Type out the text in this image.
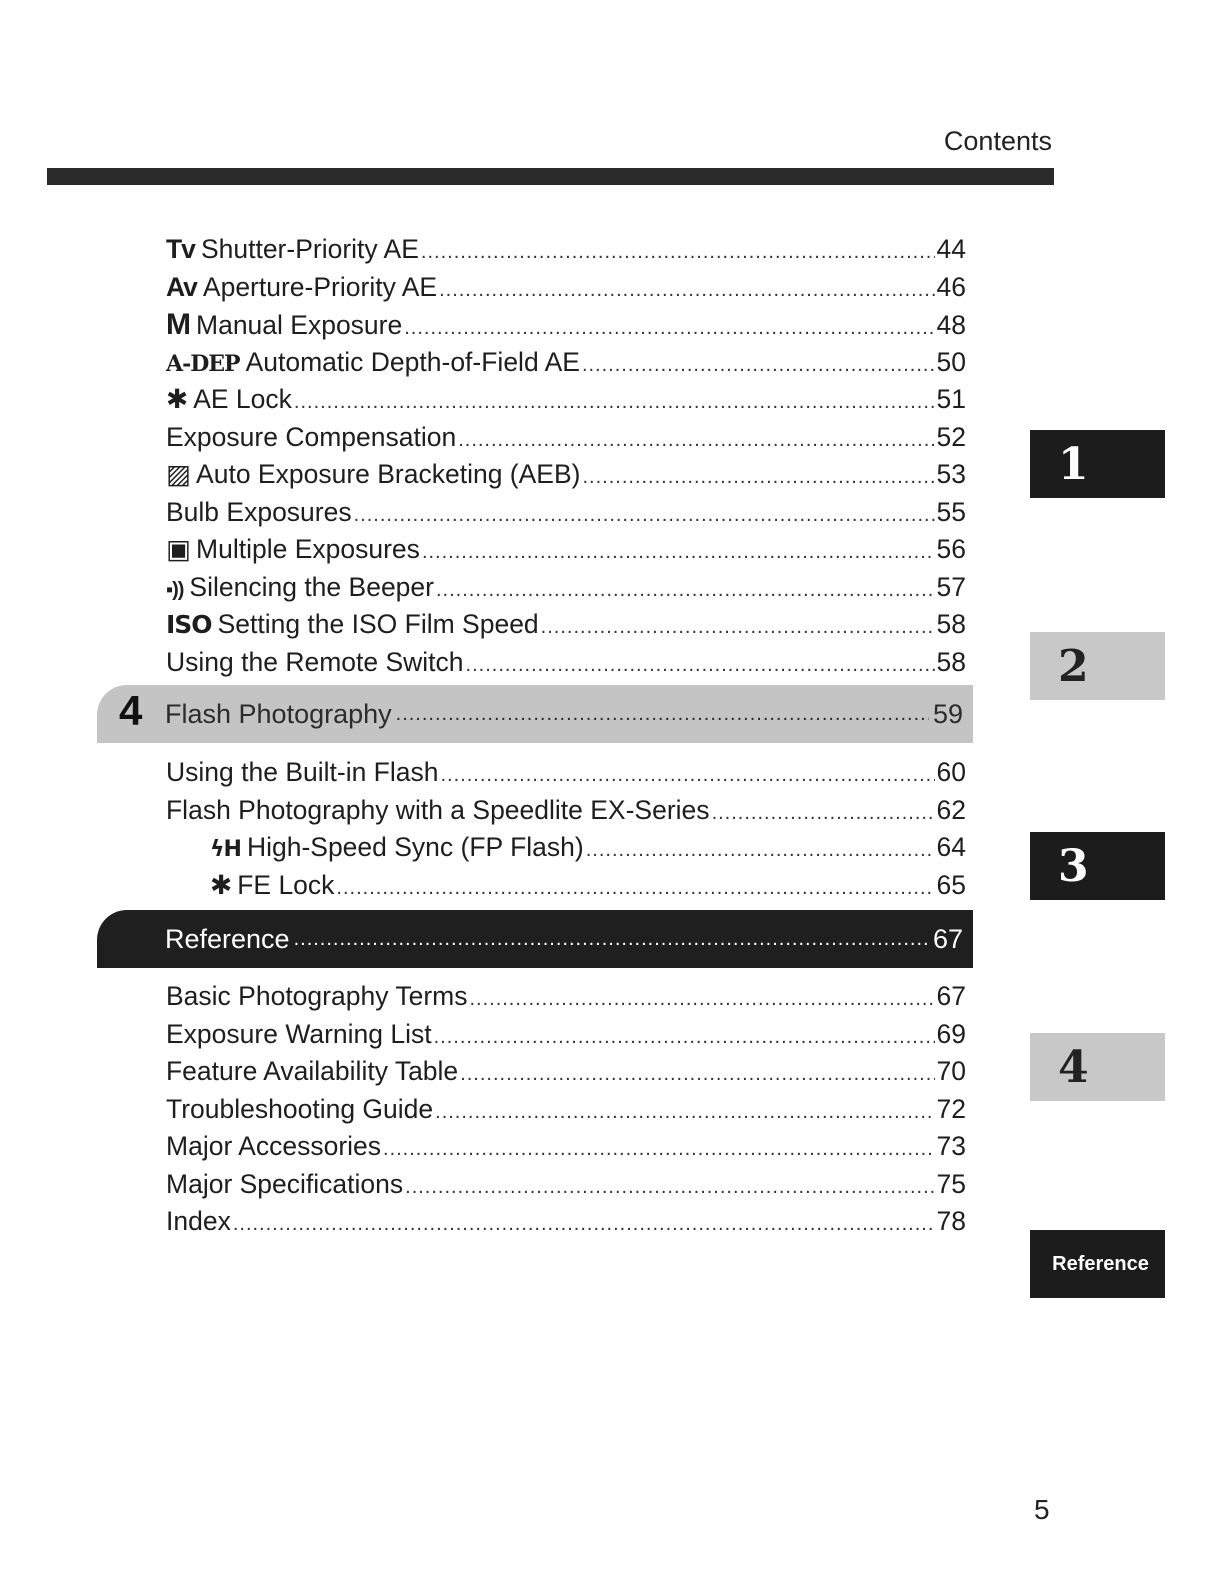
Contents
Tv Shutter-Priority AE .....	44
Av Aperture-Priority AE .....	46
M Manual Exposure .....	48
A-DEP Automatic Depth-of-Field AE .....	50
✱ AE Lock .....	51
Exposure Compensation .....	52
▨ Auto Exposure Bracketing (AEB) .....	53
Bulb Exposures .....	55
▣ Multiple Exposures .....	56
▪)) Silencing the Beeper .....	57
ISO Setting the ISO Film Speed .....	58
Using the Remote Switch .....	58
4 Flash Photography .....	59
Using the Built-in Flash .....	60
Flash Photography with a Speedlite EX-Series .....	62
ϟH High-Speed Sync (FP Flash) .....	64
✱ FE Lock .....	65
Reference .....	67
Basic Photography Terms .....	67
Exposure Warning List .....	69
Feature Availability Table .....	70
Troubleshooting Guide .....	72
Major Accessories .....	73
Major Specifications .....	75
Index .....	78
1
2
3
4
Reference
5
